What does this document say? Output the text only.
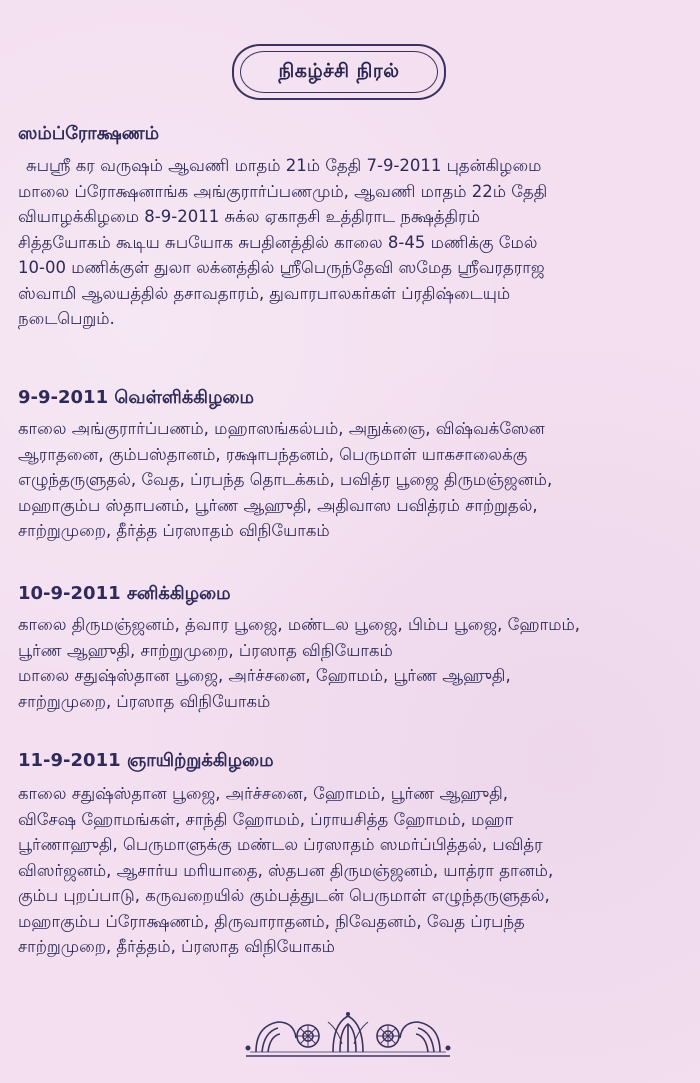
நிகழ்ச்சி நிரல்

ஸம்ப்ரோக்ஷணம்

சுபஸ்ரீ கர வருஷம் ஆவணி மாதம் 21ம் தேதி 7-9-2011 புதன்கிழமை

மாலை ப்ரோக்ஷனாங்க அங்குரார்ப்பணமும், ஆவணி மாதம் 22ம் தேதி

வியாழக்கிழமை 8-9-2011 சுக்ல ஏகாதசி உத்திராட நக்ஷத்திரம்

சித்தயோகம் கூடிய சுபயோக சுபதினத்தில் காலை 8-45 மணிக்கு மேல்

10-00 மணிக்குள் துலா லக்னத்தில் ஸ்ரீபெருந்தேவி ஸமேத ஸ்ரீவரதராஜ

ஸ்வாமி ஆலயத்தில் தசாவதாரம், துவாரபாலகர்கள் ப்ரதிஷ்டையும்

நடைபெறும்.

9-9-2011 வெள்ளிக்கிழமை

காலை அங்குரார்ப்பணம், மஹாஸங்கல்பம், அநுக்ஞை, விஷ்வக்ஸேன

ஆராதனை, கும்பஸ்தானம், ரக்ஷாபந்தனம், பெருமாள் யாகசாலைக்கு

எழுந்தருளுதல், வேத, ப்ரபந்த தொடக்கம், பவித்ர பூஜை திருமஞ்ஜனம்,

மஹாகும்ப ஸ்தாபனம், பூர்ண ஆஹுதி, அதிவாஸ பவித்ரம் சாற்றுதல்,

சாற்றுமுறை, தீர்த்த ப்ரஸாதம் விநியோகம்

10-9-2011 சனிக்கிழமை

காலை திருமஞ்ஜனம், த்வார பூஜை, மண்டல பூஜை, பிம்ப பூஜை, ஹோமம்,

பூர்ண ஆஹுதி, சாற்றுமுறை, ப்ரஸாத விநியோகம்

மாலை சதுஷ்ஸ்தான பூஜை, அர்ச்சனை, ஹோமம், பூர்ண ஆஹுதி,

சாற்றுமுறை, ப்ரஸாத விநியோகம்

11-9-2011 ஞாயிற்றுக்கிழமை

காலை சதுஷ்ஸ்தான பூஜை, அர்ச்சனை, ஹோமம், பூர்ண ஆஹுதி,

விசேஷ ஹோமங்கள், சாந்தி ஹோமம், ப்ராயசித்த ஹோமம், மஹா

பூர்ணாஹுதி, பெருமாளுக்கு மண்டல ப்ரஸாதம் ஸமர்ப்பித்தல், பவித்ர

விஸர்ஜனம், ஆசார்ய மரியாதை, ஸ்தபன திருமஞ்ஜனம், யாத்ரா தானம்,

கும்ப புறப்பாடு, கருவறையில் கும்பத்துடன் பெருமாள் எழுந்தருளுதல்,

மஹாகும்ப ப்ரோக்ஷணம், திருவாராதனம், நிவேதனம், வேத ப்ரபந்த

சாற்றுமுறை, தீர்த்தம், ப்ரஸாத விநியோகம்
